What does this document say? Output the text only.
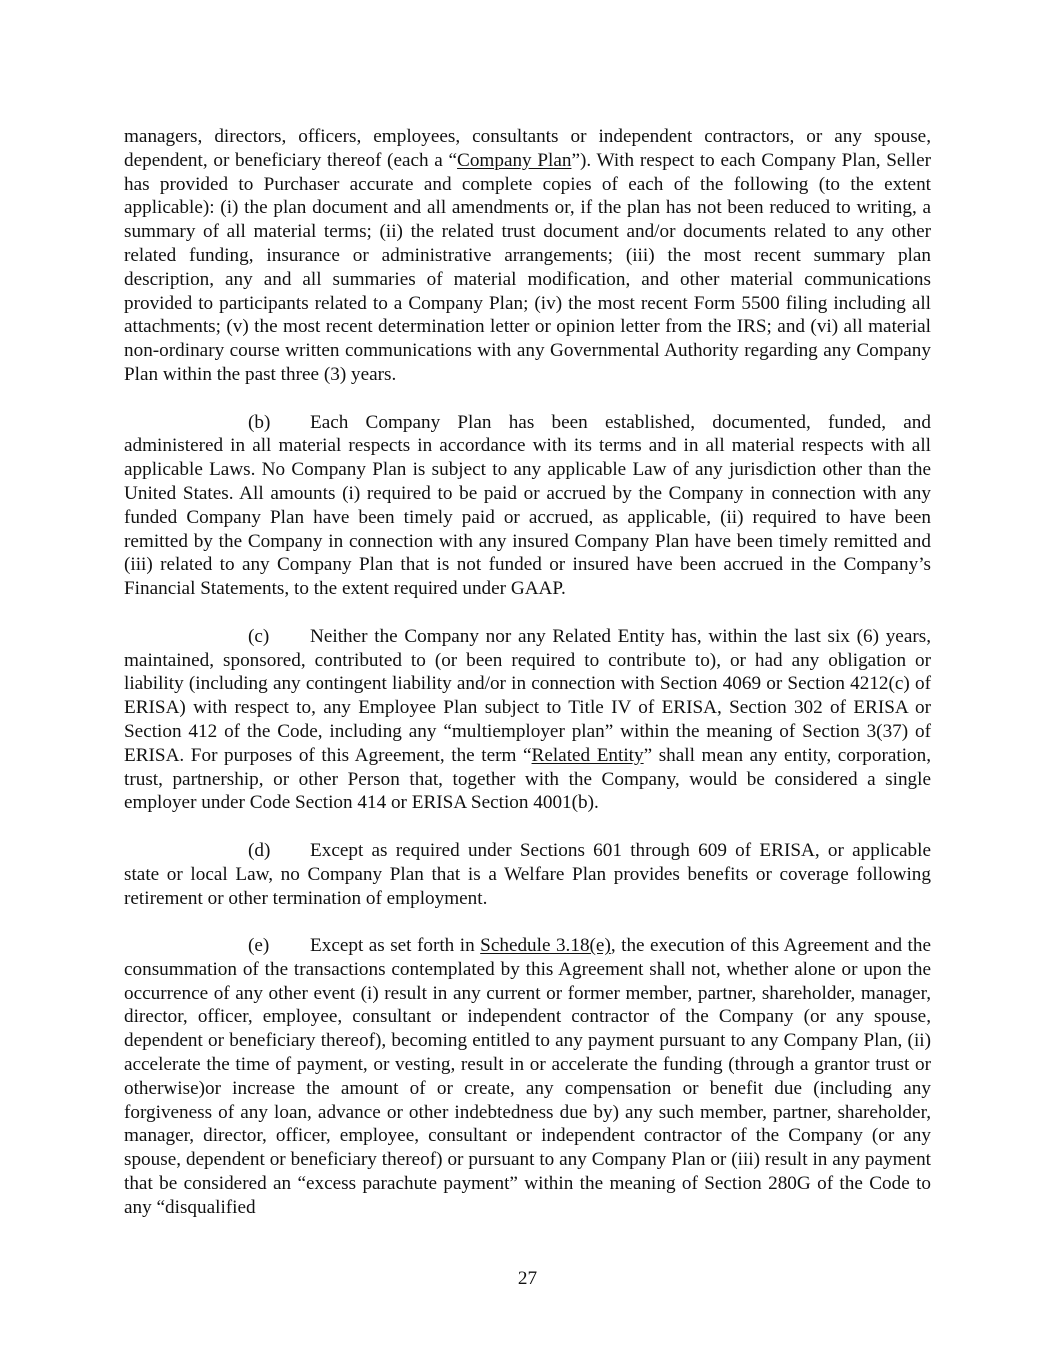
managers, directors, officers, employees, consultants or independent contractors, or any spouse, dependent, or beneficiary thereof (each a “Company Plan”). With respect to each Company Plan, Seller has provided to Purchaser accurate and complete copies of each of the following (to the extent applicable): (i) the plan document and all amendments or, if the plan has not been reduced to writing, a summary of all material terms; (ii) the related trust document and/or documents related to any other related funding, insurance or administrative arrangements; (iii) the most recent summary plan description, any and all summaries of material modification, and other material communications provided to participants related to a Company Plan; (iv) the most recent Form 5500 filing including all attachments; (v) the most recent determination letter or opinion letter from the IRS; and (vi) all material non-ordinary course written communications with any Governmental Authority regarding any Company Plan within the past three (3) years.

(b) Each Company Plan has been established, documented, funded, and administered in all material respects in accordance with its terms and in all material respects with all applicable Laws. No Company Plan is subject to any applicable Law of any jurisdiction other than the United States. All amounts (i) required to be paid or accrued by the Company in connection with any funded Company Plan have been timely paid or accrued, as applicable, (ii) required to have been remitted by the Company in connection with any insured Company Plan have been timely remitted and (iii) related to any Company Plan that is not funded or insured have been accrued in the Company’s Financial Statements, to the extent required under GAAP.

(c) Neither the Company nor any Related Entity has, within the last six (6) years, maintained, sponsored, contributed to (or been required to contribute to), or had any obligation or liability (including any contingent liability and/or in connection with Section 4069 or Section 4212(c) of ERISA) with respect to, any Employee Plan subject to Title IV of ERISA, Section 302 of ERISA or Section 412 of the Code, including any “multiemployer plan” within the meaning of Section 3(37) of ERISA. For purposes of this Agreement, the term “Related Entity” shall mean any entity, corporation, trust, partnership, or other Person that, together with the Company, would be considered a single employer under Code Section 414 or ERISA Section 4001(b).

(d) Except as required under Sections 601 through 609 of ERISA, or applicable state or local Law, no Company Plan that is a Welfare Plan provides benefits or coverage following retirement or other termination of employment.

(e) Except as set forth in Schedule 3.18(e), the execution of this Agreement and the consummation of the transactions contemplated by this Agreement shall not, whether alone or upon the occurrence of any other event (i) result in any current or former member, partner, shareholder, manager, director, officer, employee, consultant or independent contractor of the Company (or any spouse, dependent or beneficiary thereof), becoming entitled to any payment pursuant to any Company Plan, (ii) accelerate the time of payment, or vesting, result in or accelerate the funding (through a grantor trust or otherwise)or increase the amount of or create, any compensation or benefit due (including any forgiveness of any loan, advance or other indebtedness due by) any such member, partner, shareholder, manager, director, officer, employee, consultant or independent contractor of the Company (or any spouse, dependent or beneficiary thereof) or pursuant to any Company Plan or (iii) result in any payment that be considered an “excess parachute payment” within the meaning of Section 280G of the Code to any “disqualified

27
